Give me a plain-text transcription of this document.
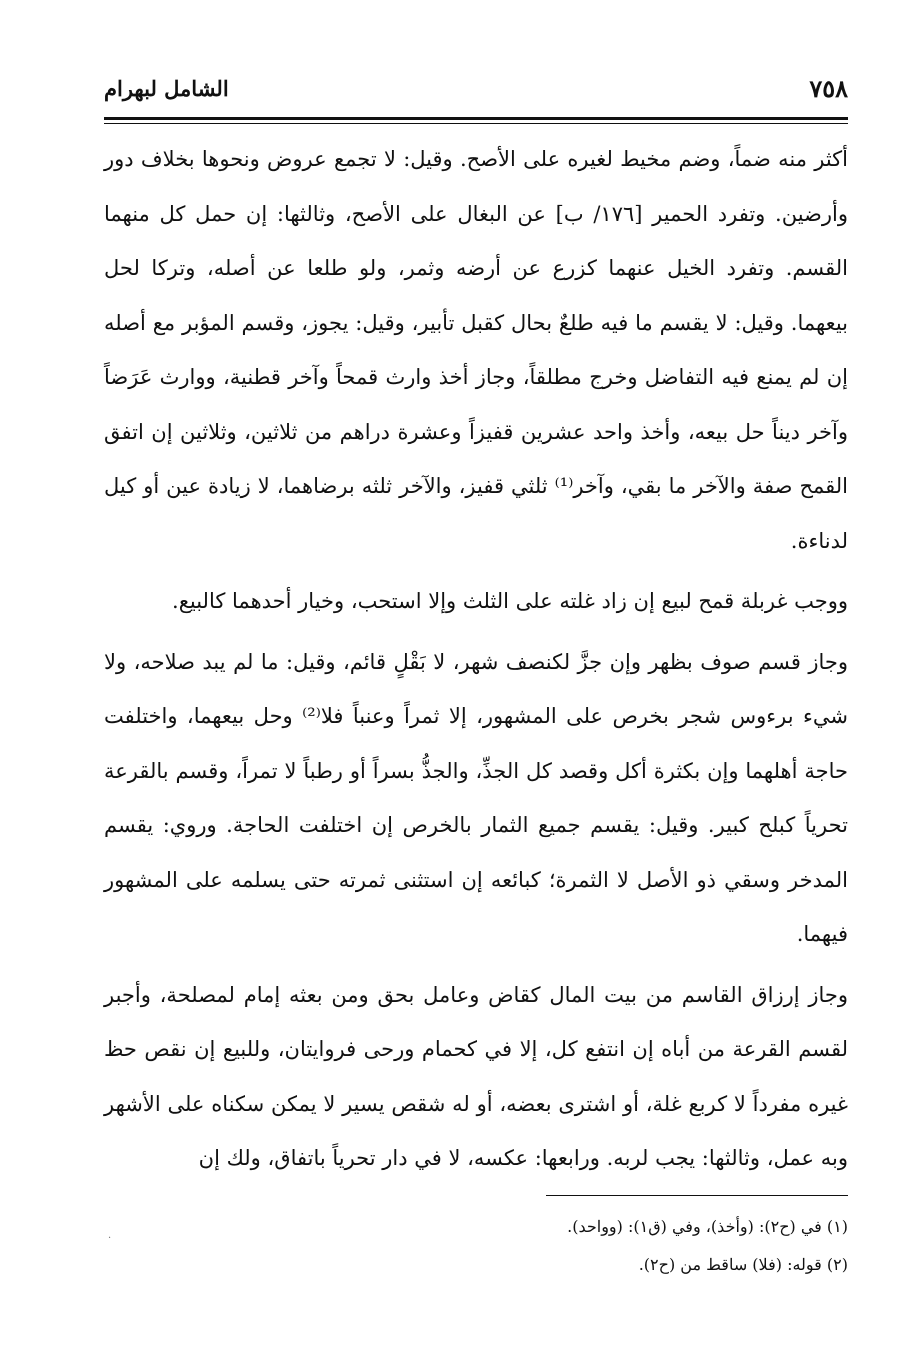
٧٥٨
الشامل لبهرام

أكثر منه ضماً، وضم مخيط لغيره على الأصح. وقيل: لا تجمع عروض ونحوها بخلاف دور وأرضين. وتفرد الحمير [١٧٦/ ب] عن البغال على الأصح، وثالثها: إن حمل كل منهما القسم. وتفرد الخيل عنهما كزرع عن أرضه وثمر، ولو طلعا عن أصله، وتركا لحل بيعهما. وقيل: لا يقسم ما فيه طلعٌ بحال كقبل تأبير، وقيل: يجوز، وقسم المؤبر مع أصله إن لم يمنع فيه التفاضل وخرج مطلقاً، وجاز أخذ وارث قمحاً وآخر قطنية، ووارث عَرَضاً وآخر ديناً حل بيعه، وأخذ واحد عشرين قفيزاً وعشرة دراهم من ثلاثين، وثلاثين إن اتفق القمح صفة والآخر ما بقي، وآخر⁽¹⁾ ثلثي قفيز، والآخر ثلثه برضاهما، لا زيادة عين أو كيل لدناءة.

ووجب غربلة قمح لبيع إن زاد غلته على الثلث وإلا استحب، وخيار أحدهما كالبيع.

وجاز قسم صوف بظهر وإن جزَّ لكنصف شهر، لا بَقْلٍ قائم، وقيل: ما لم يبد صلاحه، ولا شيء برءوس شجر بخرص على المشهور، إلا ثمراً وعنباً فلا⁽²⁾ وحل بيعهما، واختلفت حاجة أهلهما وإن بكثرة أكل وقصد كل الجذِّ، والجذُّ بسراً أو رطباً لا تمراً، وقسم بالقرعة تحرياً كبلح كبير. وقيل: يقسم جميع الثمار بالخرص إن اختلفت الحاجة. وروي: يقسم المدخر وسقي ذو الأصل لا الثمرة؛ كبائعه إن استثنى ثمرته حتى يسلمه على المشهور فيهما.

وجاز إرزاق القاسم من بيت المال كقاض وعامل بحق ومن بعثه إمام لمصلحة، وأجبر لقسم القرعة من أباه إن انتفع كل، إلا في كحمام ورحى فروايتان، وللبيع إن نقص حظ غيره مفرداً لا كربع غلة، أو اشترى بعضه، أو له شقص يسير لا يمكن سكناه على الأشهر وبه عمل، وثالثها: يجب لربه. ورابعها: عكسه، لا في دار تحرياً باتفاق، ولك إن

(١) في (ح٢): (وأخذ)، وفي (ق١): (وواحد).

(٢) قوله: (فلا) ساقط من (ح٢).

·
